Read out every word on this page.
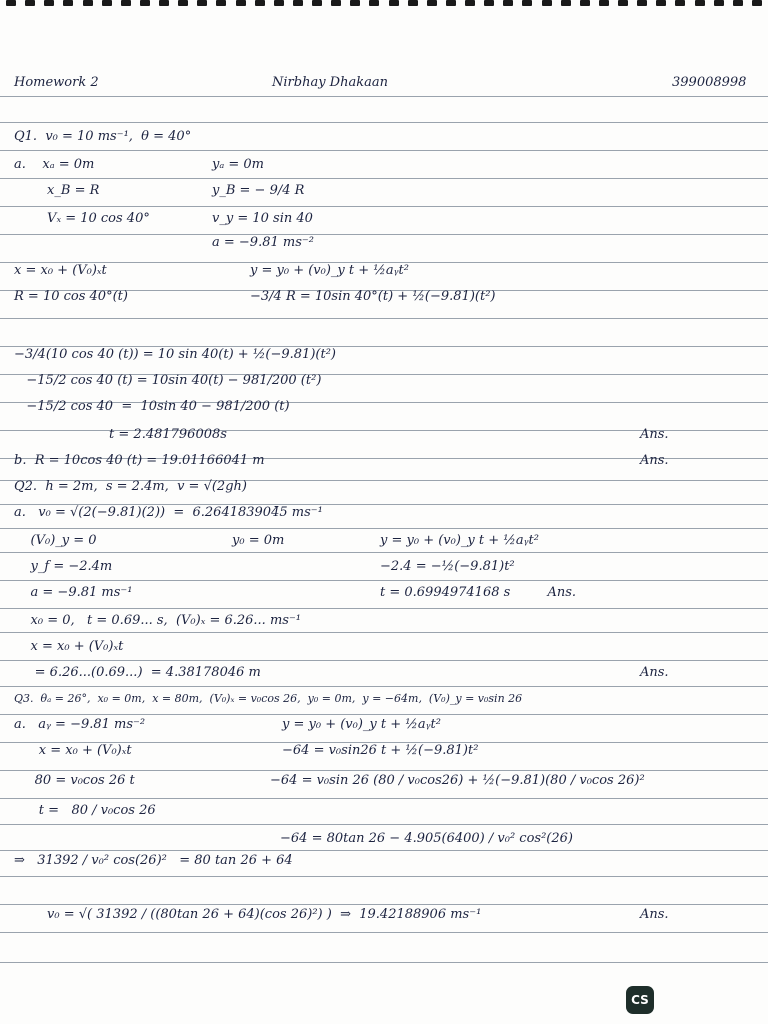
Homework 2

	Nirbhay Dhakaan

	399008998

Q1.  v₀ = 10 ms⁻¹,  θ = 40°
a.    xₐ = 0m	yₐ = 0m
x_B = R	y_B = − 9/4 R
Vₓ = 10 cos 40°	v_y = 10 sin 40
a = −9.81 ms⁻²
x = x₀ + (V₀)ₓt	y = y₀ + (v₀)_y t + ½aᵧt²
R = 10 cos 40°(t)	−3/4 R = 10sin 40°(t) + ½(−9.81)(t²)
−3/4(10 cos 40 (t)) = 10 sin 40(t) + ½(−9.81)(t²)
−15/2 cos 40 (t) = 10sin 40(t) − 981/200 (t²)
−15/2 cos 40  =  10sin 40 − 981/200 (t)
t = 2.481796008s	Ans.
b.  R = 10cos 40 (t) = 19.01166041 m	Ans.
Q2.  h = 2m,  s = 2.4m,  v = √(2gh)
a.   v₀ = √(2(−9.81)(2))  =  6.264183904̄5 ms⁻¹
(V₀)_y = 0	y₀ = 0m	y = y₀ + (v₀)_y t + ½aᵧt²
y_f = −2.4m	−2.4 = −½(−9.81)t²
a = −9.81 ms⁻¹	t = 0.6994974168 s         Ans.
x₀ = 0,   t = 0.69... s,  (V₀)ₓ = 6.26... ms⁻¹
x = x₀ + (V₀)ₓt
= 6.26...(0.69...)  = 4.38178046 m	Ans.
Q3.  θₐ = 26°,  x₀ = 0m,  x = 80m,  (V₀)ₓ = v₀cos 26,  y₀ = 0m,  y = −64m,  (V₀)_y = v₀sin 26
a.   aᵧ = −9.81 ms⁻²	y = y₀ + (v₀)_y t + ½aᵧt²
x = x₀ + (V₀)ₓt	−64 = v₀sin26 t + ½(−9.81)t²
80 = v₀cos 26 t	−64 = v₀sin 26 (80 / v₀cos26) + ½(−9.81)(80 / v₀cos 26)²
t =   80 / v₀cos 26
−64 = 80tan 26 − 4.905(6400) / v₀² cos²(26)
⇒   31392 / v₀² cos(26)²   = 80 tan 26 + 64
v₀ = √( 31392 / ((80tan 26 + 64)(cos 26)²) )  ⇒  19.42188906 ms⁻¹	Ans.
CS
